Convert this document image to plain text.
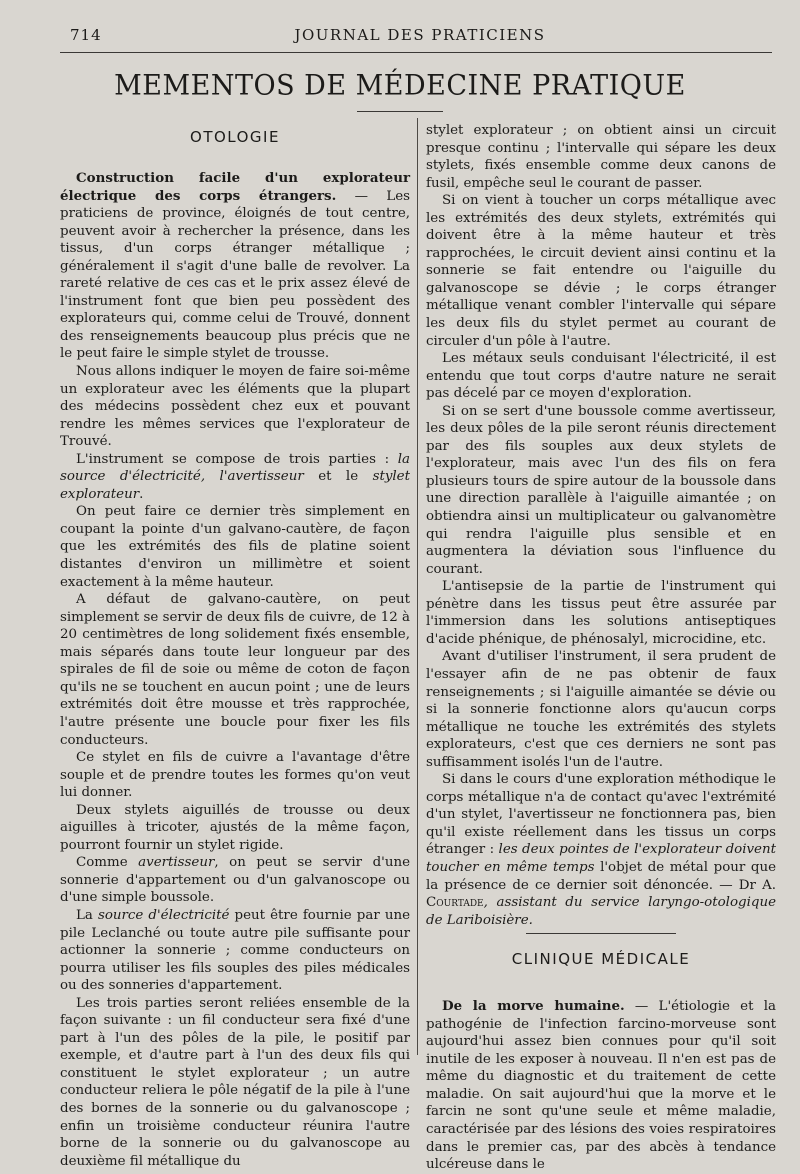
714	JOURNAL DES PRATICIENS
MEMENTOS DE MÉDECINE PRATIQUE
OTOLOGIE

Construction facile d'un explorateur électrique des corps étrangers. — Les praticiens de province, éloignés de tout centre, peuvent avoir à rechercher la présence, dans les tissus, d'un corps étranger métallique ; généralement il s'agit d'une balle de revolver. La rareté relative de ces cas et le prix assez élevé de l'instrument font que bien peu possèdent des explorateurs qui, comme celui de Trouvé, donnent des renseignements beaucoup plus précis que ne le peut faire le simple stylet de trousse.

Nous allons indiquer le moyen de faire soi-même un explorateur avec les éléments que la plupart des médecins possèdent chez eux et pouvant rendre les mêmes services que l'explorateur de Trouvé.

L'instrument se compose de trois parties : la source d'électricité, l'avertisseur et le stylet explorateur.

On peut faire ce dernier très simplement en coupant la pointe d'un galvano-cautère, de façon que les extrémités des fils de platine soient distantes d'environ un millimètre et soient exactement à la même hauteur.

A défaut de galvano-cautère, on peut simplement se servir de deux fils de cuivre, de 12 à 20 centimètres de long solidement fixés ensemble, mais séparés dans toute leur longueur par des spirales de fil de soie ou même de coton de façon qu'ils ne se touchent en aucun point ; une de leurs extrémités doit être mousse et très rapprochée, l'autre présente une boucle pour fixer les fils conducteurs.

Ce stylet en fils de cuivre a l'avantage d'être souple et de prendre toutes les formes qu'on veut lui donner.

Deux stylets aiguillés de trousse ou deux aiguilles à tricoter, ajustés de la même façon, pourront fournir un stylet rigide.

Comme avertisseur, on peut se servir d'une sonnerie d'appartement ou d'un galvanoscope ou d'une simple boussole.

La source d'électricité peut être fournie par une pile Leclanché ou toute autre pile suffisante pour actionner la sonnerie ; comme conducteurs on pourra utiliser les fils souples des piles médicales ou des sonneries d'appartement.

Les trois parties seront reliées ensemble de la façon suivante : un fil conducteur sera fixé d'une part à l'un des pôles de la pile, le positif par exemple, et d'autre part à l'un des deux fils qui constituent le stylet explorateur ; un autre conducteur reliera le pôle négatif de la pile à l'une des bornes de la sonnerie ou du galvanoscope ; enfin un troisième conducteur réunira l'autre borne de la sonnerie ou du galvanoscope au deuxième fil métallique du

stylet explorateur ; on obtient ainsi un circuit presque continu ; l'intervalle qui sépare les deux stylets, fixés ensemble comme deux canons de fusil, empêche seul le courant de passer.

Si on vient à toucher un corps métallique avec les extrémités des deux stylets, extrémités qui doivent être à la même hauteur et très rapprochées, le circuit devient ainsi continu et la sonnerie se fait entendre ou l'aiguille du galvanoscope se dévie ; le corps étranger métallique venant combler l'intervalle qui sépare les deux fils du stylet permet au courant de circuler d'un pôle à l'autre.

Les métaux seuls conduisant l'électricité, il est entendu que tout corps d'autre nature ne serait pas décelé par ce moyen d'exploration.

Si on se sert d'une boussole comme avertisseur, les deux pôles de la pile seront réunis directement par des fils souples aux deux stylets de l'explorateur, mais avec l'un des fils on fera plusieurs tours de spire autour de la boussole dans une direction parallèle à l'aiguille aimantée ; on obtiendra ainsi un multiplicateur ou galvanomètre qui rendra l'aiguille plus sensible et en augmentera la déviation sous l'influence du courant.

L'antisepsie de la partie de l'instrument qui pénètre dans les tissus peut être assurée par l'immersion dans les solutions antiseptiques d'acide phénique, de phénosalyl, microcidine, etc.

Avant d'utiliser l'instrument, il sera prudent de l'essayer afin de ne pas obtenir de faux renseignements ; si l'aiguille aimantée se dévie ou si la sonnerie fonctionne alors qu'aucun corps métallique ne touche les extrémités des stylets explorateurs, c'est que ces derniers ne sont pas suffisamment isolés l'un de l'autre.

Si dans le cours d'une exploration méthodique le corps métallique n'a de contact qu'avec l'extrémité d'un stylet, l'avertisseur ne fonctionnera pas, bien qu'il existe réellement dans les tissus un corps étranger : les deux pointes de l'explorateur doivent toucher en même temps l'objet de métal pour que la présence de ce dernier soit dénoncée. — Dr A. Courtade, assistant du service laryngo-otologique de Lariboisière.

CLINIQUE MÉDICALE

De la morve humaine. — L'étiologie et la pathogénie de l'infection farcino-morveuse sont aujourd'hui assez bien connues pour qu'il soit inutile de les exposer à nouveau. Il n'en est pas de même du diagnostic et du traitement de cette maladie. On sait aujourd'hui que la morve et le farcin ne sont qu'une seule et même maladie, caractérisée par des lésions des voies respiratoires dans le premier cas, par des abcès à tendance ulcéreuse dans le
